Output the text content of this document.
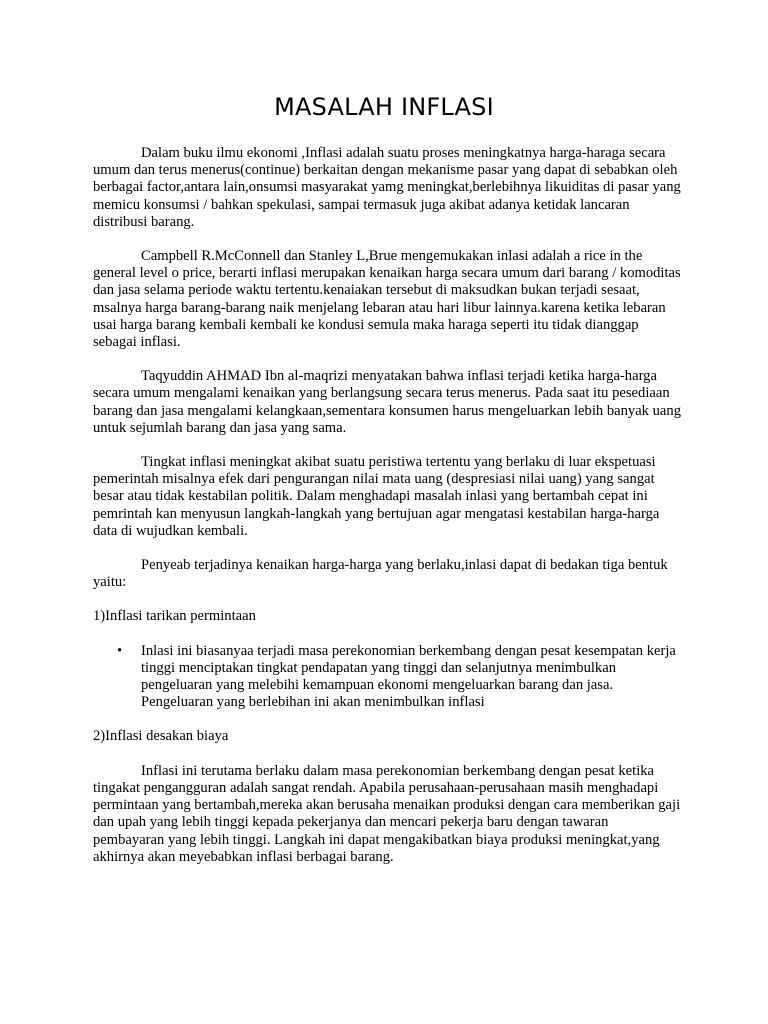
MASALAH INFLASI

Dalam buku ilmu ekonomi ,Inflasi adalah suatu proses meningkatnya harga-haraga secara umum dan terus menerus(continue) berkaitan dengan mekanisme pasar yang dapat di sebabkan oleh berbagai factor,antara lain,onsumsi masyarakat yamg meningkat,berlebihnya likuiditas di pasar yang memicu konsumsi / bahkan spekulasi, sampai termasuk juga akibat adanya ketidak lancaran distribusi barang.

Campbell R.McConnell dan Stanley L,Brue mengemukakan inlasi adalah a rice in the general level o price, berarti inflasi merupakan kenaikan harga secara umum dari barang / komoditas dan jasa selama periode waktu tertentu.kenaiakan tersebut di maksudkan bukan terjadi sesaat, msalnya harga barang-barang naik menjelang lebaran atau hari libur lainnya.karena ketika lebaran usai harga barang kembali kembali ke kondusi semula maka haraga seperti itu tidak dianggap sebagai inflasi.

Taqyuddin AHMAD Ibn al-maqrizi menyatakan bahwa inflasi terjadi ketika harga-harga secara umum mengalami kenaikan yang berlangsung secara terus menerus. Pada saat itu pesediaan barang dan jasa mengalami kelangkaan,sementara konsumen harus mengeluarkan lebih banyak uang untuk sejumlah barang dan jasa yang sama.

Tingkat inflasi meningkat akibat suatu peristiwa tertentu yang berlaku di luar ekspetuasi pemerintah misalnya efek dari pengurangan nilai mata uang (despresiasi nilai uang) yang sangat besar atau tidak kestabilan politik. Dalam menghadapi masalah inlasi yang bertambah cepat ini pemrintah kan menyusun langkah-langkah yang bertujuan agar mengatasi kestabilan harga-harga data di wujudkan kembali.

Penyeab terjadinya kenaikan harga-harga yang berlaku,inlasi dapat di bedakan tiga bentuk yaitu:

1)Inflasi tarikan permintaan

• Inlasi ini biasanyaa terjadi masa perekonomian berkembang dengan pesat kesempatan kerja tinggi menciptakan tingkat pendapatan yang tinggi dan selanjutnya menimbulkan pengeluaran yang melebihi kemampuan ekonomi mengeluarkan barang dan jasa. Pengeluaran yang berlebihan ini akan menimbulkan inflasi

2)Inflasi desakan biaya

Inflasi ini terutama berlaku dalam masa perekonomian berkembang dengan pesat ketika tingakat pengangguran adalah sangat rendah. Apabila perusahaan-perusahaan masih menghadapi permintaan yang bertambah,mereka akan berusaha menaikan produksi dengan cara memberikan gaji dan upah yang lebih tinggi kepada pekerjanya dan mencari pekerja baru dengan tawaran pembayaran yang lebih tinggi. Langkah ini dapat mengakibatkan biaya produksi meningkat,yang akhirnya akan meyebabkan inflasi berbagai barang.
